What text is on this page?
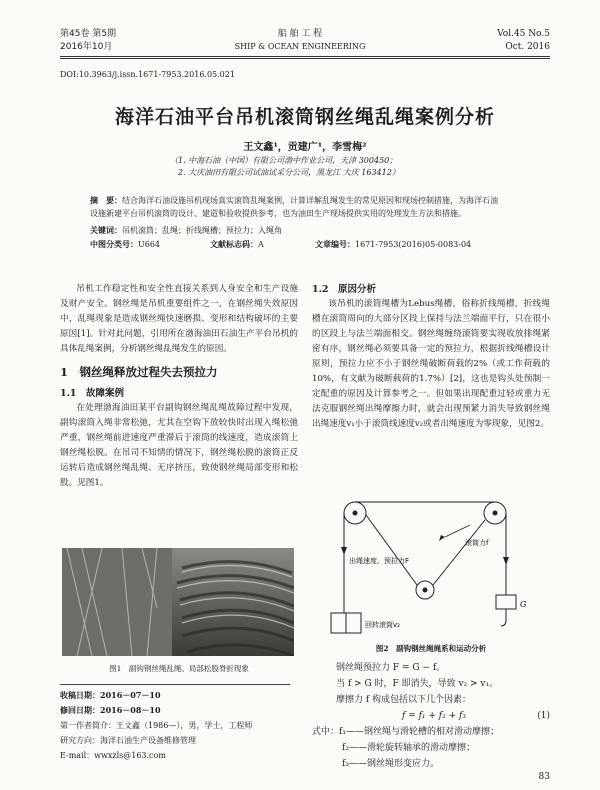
第45卷 第5期
2016年10月
船 舶 工 程
SHIP & OCEAN ENGINEERING
Vol.45 No.5
Oct. 2016
DOI:10.3963/j.issn.1671-7953.2016.05.021
海洋石油平台吊机滚筒钢丝绳乱绳案例分析
王文鑫¹，贡建广¹，李雪梅²
（1. 中海石油（中国）有限公司渤中作业公司，天津 300450；
2. 大庆油田有限公司试油试采分公司，黑龙江 大庆 163412）
摘　要：结合海洋石油设施吊机现场真实滚筒乱绳案例，计算详解乱绳发生的常见原因和现场控制措施，为海洋石油设施新建平台吊机滚筒的设计、建造和验收提供参考，也为油田生产现场提供实用的处理发生方法和措施。
关键词：吊机滚筒；乱绳；折线绳槽；预拉力；入绳角
中图分类号：U664	文献标志码：A	文章编号：1671-7953(2016)05-0083-04

吊机工作稳定性和安全性直接关系到人身安全和生产设施及财产安全。钢丝绳是吊机重要组件之一，在钢丝绳失效原因中，乱绳现象是造成钢丝绳快速磨损、变形和结构破坏的主要原因[1]。针对此问题，引用所在渤海油田石油生产平台吊机的具体乱绳案例，分析钢丝绳乱绳发生的原因。

1　钢丝绳释放过程失去预拉力
1.1　故障案例

在处理渤海油田某平台副钩钢丝绳乱绳故障过程中发现，副钩滚筒入绳非常松弛，尤其在空钩下放较快时出现入绳松弛严重，钢丝绳前进速度严重滞后于滚筒的线速度，造成滚筒上钢丝绳松脱。在吊司不知情的情况下，钢丝绳松脱的滚筒正反运转后造成钢丝绳乱绳、无序挤压，致使钢丝绳局部变形和松股。见图1。

图1　副钩钢丝绳乱绳、局部松股脊折现象
收稿日期：2016－07－10
修回日期：2016－08－10
第一作者简介：王文鑫（1986—），男，学士，工程师
研究方向：海洋石油生产设备维修管理
E-mail：wwxzls@163.com
1.2　原因分析

该吊机的滚筒绳槽为Lebus绳槽，俗称折线绳槽，折线绳槽在滚筒周向的大部分区段上保持与法兰端面平行，只在很小的区段上与法兰端面相交。钢丝绳缠绕滚筒要实现收放排绳紧密有序，钢丝绳必须要具备一定的预拉力，根据折线绳槽设计原则，预拉力应不小于钢丝绳破断荷载的2%（或工作荷载的10%，有文献为破断载荷的1.7%）[2]，这也是钩头处预制一定配重的原因及计算参考之一。但如果出现配重过轻或重力无法克服钢丝绳出绳摩擦力时，就会出现预紧力消失导致钢丝绳出绳速度v₁小于滚筒线速度v₂或者出绳速度为零现象，见图2。

出绳速度、预拉力F
滚筒力f
G
回转滚筒v₂
图2　副钩钢丝绳绳系和运动分析
钢丝绳预拉力 F = G − f。
当 f > G 时，F 即消失，导致 v₂ > v₁。
摩擦力 f 构成包括以下几个因素：
f = f₁ + f₂ + f₃	(1)
式中：f₁——钢丝绳与滑轮槽的相对滑动摩擦；
f₂——滑轮旋转轴承的滑动摩擦；
f₃——钢丝绳形变应力。
83
